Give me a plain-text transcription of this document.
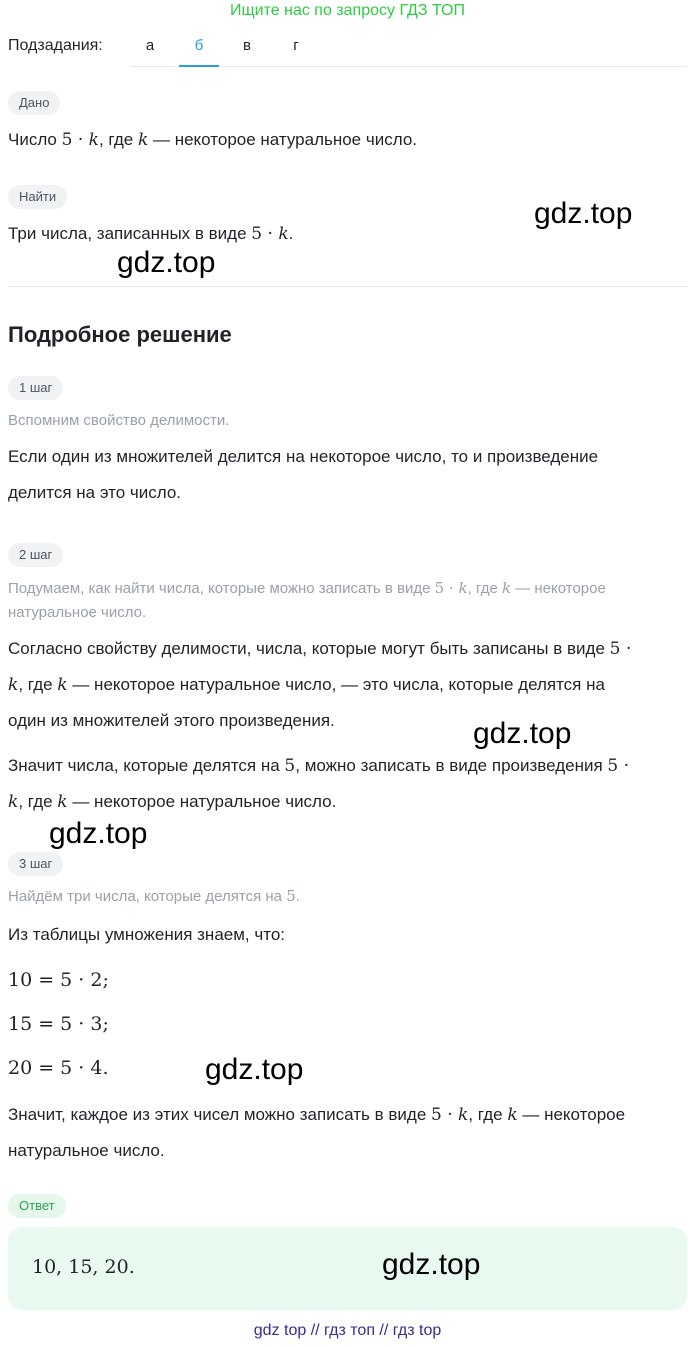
Ищите нас по запросу ГДЗ ТОП
Подзадания:	а	б	в	г
Дано
Число 5 · k, где k — некоторое натуральное число.
Найти
Три числа, записанных в виде 5 · k.
Подробное решение
1 шаг
Вспомним свойство делимости.
Если один из множителей делится на некоторое число, то и произведение
делится на это число.
2 шаг
Подумаем, как найти числа, которые можно записать в виде 5 · k, где k — некоторое
натуральное число.
Согласно свойству делимости, числа, которые могут быть записаны в виде 5 ·
k, где k — некоторое натуральное число, — это числа, которые делятся на
один из множителей этого произведения.
Значит числа, которые делятся на 5, можно записать в виде произведения 5 ·
k, где k — некоторое натуральное число.
3 шаг
Найдём три числа, которые делятся на 5.
Из таблицы умножения знаем, что:
10 = 5 · 2;
15 = 5 · 3;
20 = 5 · 4.
Значит, каждое из этих чисел можно записать в виде 5 · k, где k — некоторое
натуральное число.
Ответ
10, 15, 20.
gdz.top
gdz.top
gdz.top
gdz.top
gdz.top
gdz.top
gdz top // гдз топ // гдз top
